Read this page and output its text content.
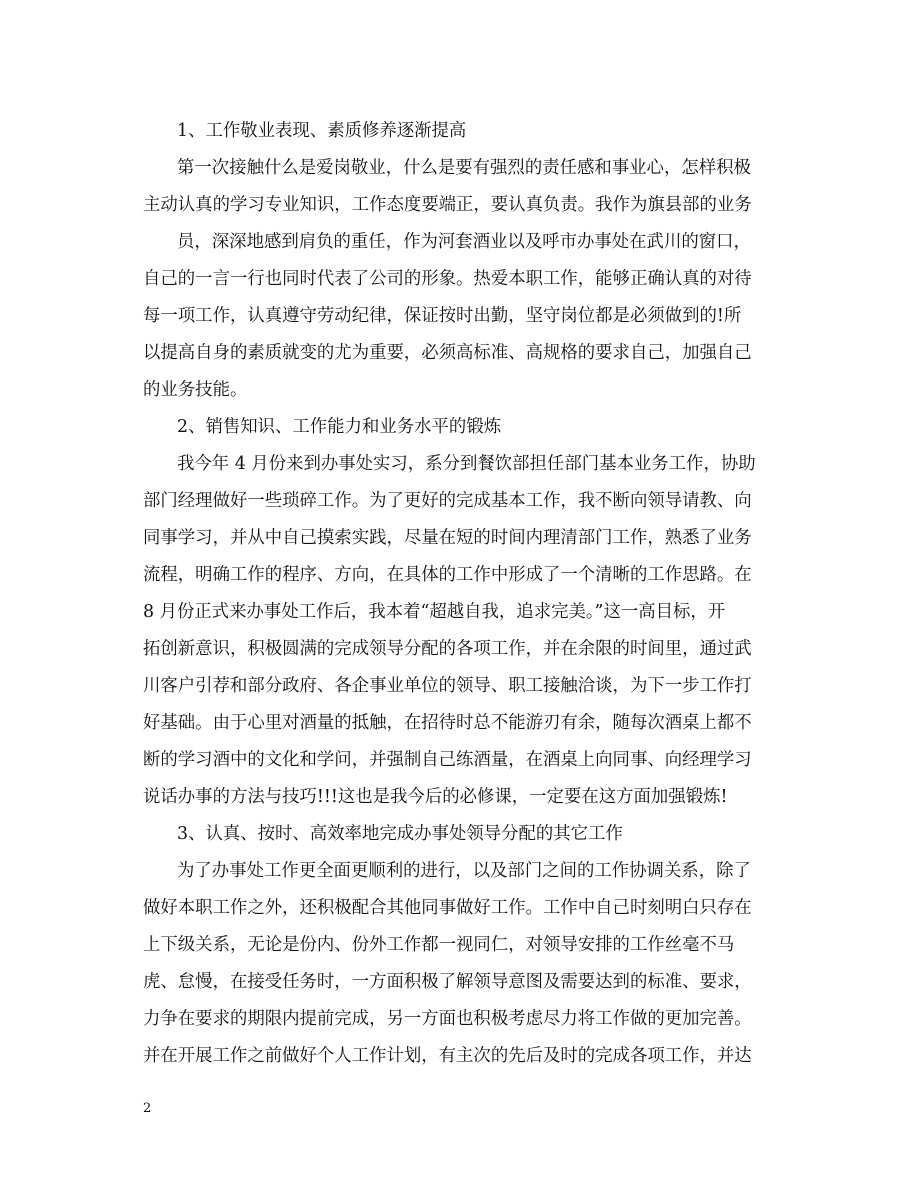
1、工作敬业表现、素质修养逐渐提高
第一次接触什么是爱岗敬业，什么是要有强烈的责任感和事业心，怎样积极
主动认真的学习专业知识，工作态度要端正，要认真负责。我作为旗县部的业务
员，深深地感到肩负的重任，作为河套酒业以及呼市办事处在武川的窗口，
自己的一言一行也同时代表了公司的形象。热爱本职工作，能够正确认真的对待
每一项工作，认真遵守劳动纪律，保证按时出勤，坚守岗位都是必须做到的!所
以提高自身的素质就变的尤为重要，必须高标准、高规格的要求自己，加强自己
的业务技能。
2、销售知识、工作能力和业务水平的锻炼
我今年 4 月份来到办事处实习，系分到餐饮部担任部门基本业务工作，协助
部门经理做好一些琐碎工作。为了更好的完成基本工作，我不断向领导请教、向
同事学习，并从中自己摸索实践，尽量在短的时间内理清部门工作，熟悉了业务
流程，明确工作的程序、方向，在具体的工作中形成了一个清晰的工作思路。在
8 月份正式来办事处工作后，我本着“超越自我，追求完美。”这一高目标，开
拓创新意识，积极圆满的完成领导分配的各项工作，并在余限的时间里，通过武
川客户引荐和部分政府、各企事业单位的领导、职工接触洽谈，为下一步工作打
好基础。由于心里对酒量的抵触，在招待时总不能游刃有余，随每次酒桌上都不
断的学习酒中的文化和学问，并强制自己练酒量，在酒桌上向同事、向经理学习
说话办事的方法与技巧!!!这也是我今后的必修课，一定要在这方面加强锻炼!
3、认真、按时、高效率地完成办事处领导分配的其它工作
为了办事处工作更全面更顺利的进行，以及部门之间的工作协调关系，除了
做好本职工作之外，还积极配合其他同事做好工作。工作中自己时刻明白只存在
上下级关系，无论是份内、份外工作都一视同仁，对领导安排的工作丝毫不马
虎、怠慢，在接受任务时，一方面积极了解领导意图及需要达到的标准、要求，
力争在要求的期限内提前完成，另一方面也积极考虑尽力将工作做的更加完善。
并在开展工作之前做好个人工作计划，有主次的先后及时的完成各项工作，并达
2
